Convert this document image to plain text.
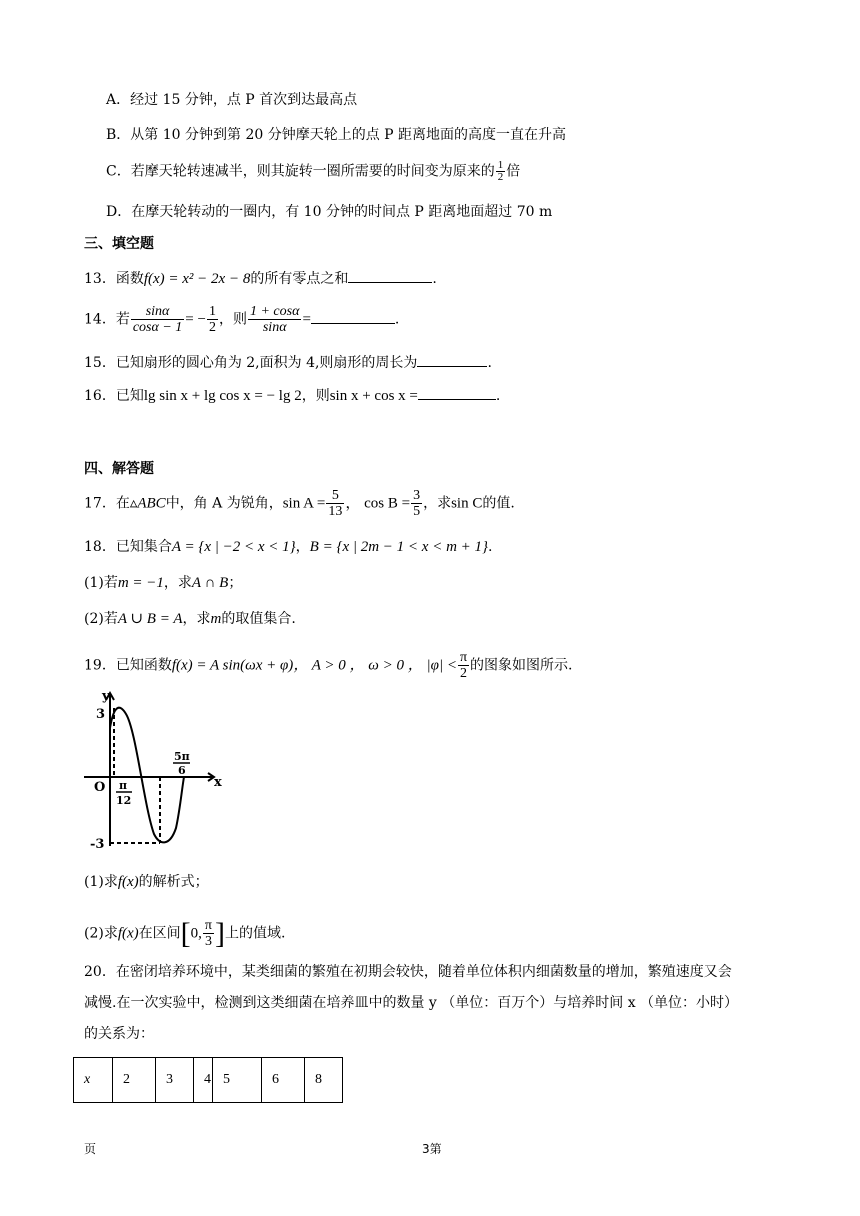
A．经过 15 分钟，点 P 首次到达最高点
B．从第 10 分钟到第 20 分钟摩天轮上的点 P 距离地面的高度一直在升高
C．若摩天轮转速减半，则其旋转一圈所需要的时间变为原来的 $\frac{1}{2}$ 倍
D．在摩天轮转动的一圈内，有 10 分钟的时间点 P 距离地面超过 70 m
三、填空题
13．函数f(x) = x² − 2x − 8的所有零点之和	.
14．若 $\frac{\sin\alpha}{\cos\alpha - 1}$ = − $\frac{1}{2}$ ，则 $\frac{1 + \cos\alpha}{\sin\alpha}$ =	.
15．已知扇形的圆心角为 2,面积为 4,则扇形的周长为	.
16．已知lg sin x + lg cos x = − lg 2，则sin x + cos x =	.
四、解答题
17．在▵ABC中，角 A 为锐角，$\sin A = \frac{5}{13}$ ， $\cos B = \frac{3}{5}$ ，求sin C的值.
18．已知集合A = {x | −2 < x < 1}，B = {x | 2m − 1 < x < m + 1}.
(1)若m = −1，求A ∩ B；
(2)若A ∪ B = A，求m的取值集合.
19．已知函数f(x) = A sin(ωx + φ)， A > 0 ， ω > 0 ， $|\varphi| < \frac{\pi}{2}$ 的图象如图所示.
y
x
O
3
-3
π
12
5π
6
(1)求f(x)的解析式；
(2)求f(x)在区间[0, $\frac{\pi}{3}$ ]上的值域.
20．在密闭培养环境中，某类细菌的繁殖在初期会较快，随着单位体积内细菌数量的增加，繁殖速度又会
减慢.在一次实验中，检测到这类细菌在培养皿中的数量 y （单位：百万个）与培养时间 x （单位：小时）
的关系为：
x	2	3	4	5	6	8
页	3第
